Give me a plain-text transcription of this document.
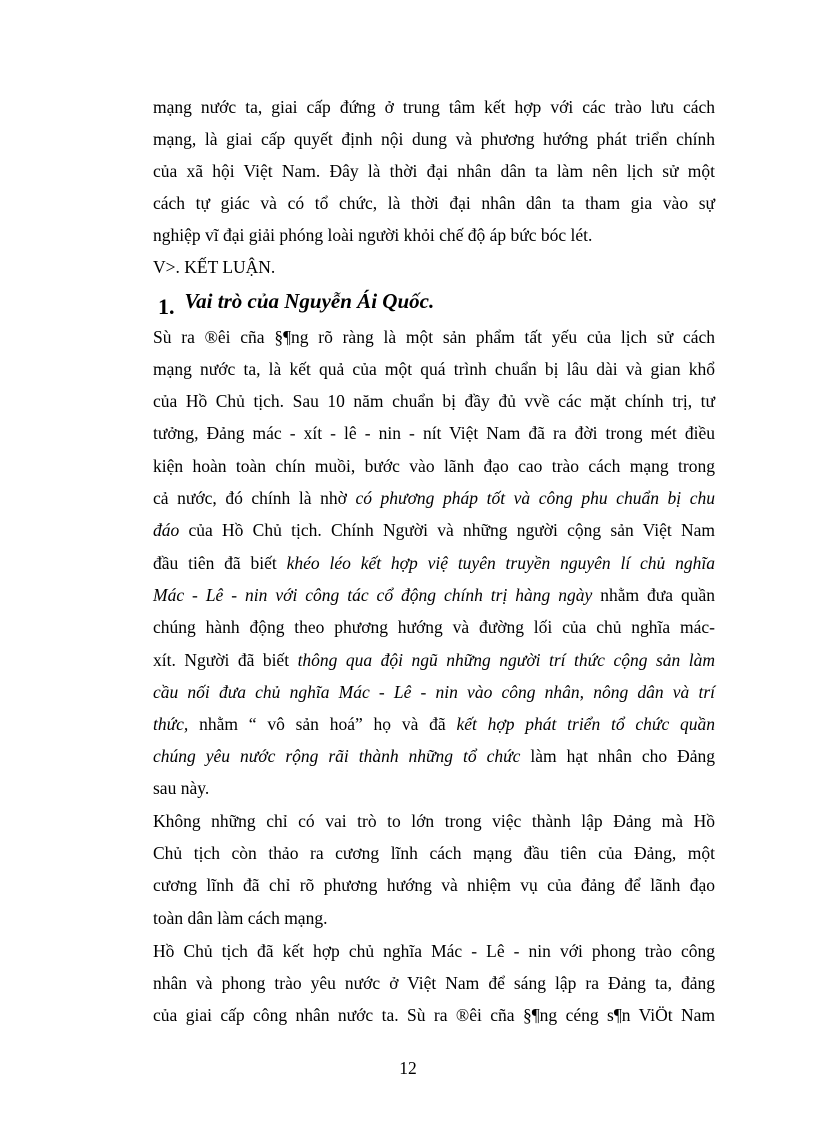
mạng nước ta, giai cấp đứng ở trung tâm kết hợp với các trào lưu cách
mạng, là giai cấp quyết định nội dung và phương hướng phát triển chính
của xã hội Việt Nam. Đây là thời đại nhân dân ta làm nên lịch sử một
cách tự giác và có tổ chức, là thời đại nhân dân ta tham gia vào sự
nghiệp vĩ đại giải phóng loài người khỏi chế độ áp bức bóc lét.
V>. KẾT LUẬN.
Sù ra ®êi cña §¶ng rõ ràng là một sản phẩm tất yếu của lịch sử cách
mạng nước ta, là kết quả của một quá trình chuẩn bị lâu dài và gian khổ
của Hồ Chủ tịch. Sau 10 năm chuẩn bị đầy đủ vvề các mặt chính trị, tư
tưởng, Đảng mác - xít - lê - nin - nít Việt Nam đã ra đời trong mét điều
kiện hoàn toàn chín muồi, bước vào lãnh đạo cao trào cách mạng trong
cả nước, đó chính là nhờ có phương pháp tốt và công phu chuẩn bị chu
đáo của Hồ Chủ tịch. Chính Người và những người cộng sản Việt Nam
đầu tiên đã biết khéo léo kết hợp việ tuyên truyền nguyên lí chủ nghĩa
Mác - Lê - nin với công tác cổ động chính trị hàng ngày nhằm đưa quần
chúng hành động theo phương hướng và đường lối của chủ nghĩa mác-
xít. Người đã biết thông qua đội ngũ những người trí thức cộng sản làm
cầu nối đưa chủ nghĩa Mác - Lê - nin vào công nhân, nông dân và trí
thức, nhằm “ vô sản hoá” họ và đã kết hợp phát triển tổ chức quần
chúng yêu nước rộng rãi thành những tổ chức làm hạt nhân cho Đảng
sau này.
Không những chỉ có vai trò to lớn trong việc thành lập Đảng mà Hồ
Chủ tịch còn thảo ra cương lĩnh cách mạng đầu tiên của Đảng, một
cương lĩnh đã chỉ rõ phương hướng và nhiệm vụ của đảng để lãnh đạo
toàn dân làm cách mạng.
Hồ Chủ tịch đã kết hợp chủ nghĩa Mác - Lê - nin với phong trào công
nhân và phong trào yêu nước ở Việt Nam để sáng lập ra Đảng ta, đảng
của giai cấp công nhân nước ta. Sù ra ®êi cña §¶ng céng s¶n ViÖt Nam
1. Vai trò của Nguyễn Ái Quốc.
12
